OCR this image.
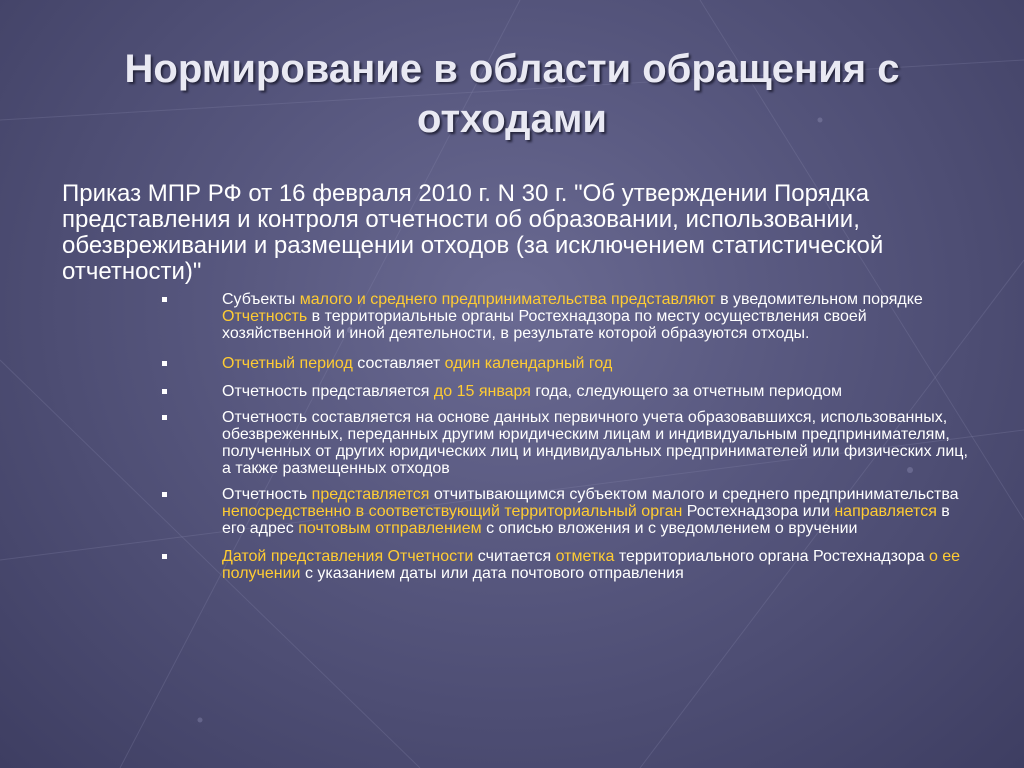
Нормирование в области обращения с отходами

Приказ МПР РФ от 16 февраля 2010 г. N 30 г. "Об утверждении Порядка представления и контроля отчетности об образовании, использовании, обезвреживании и размещении отходов (за исключением статистической отчетности)"

Субъекты малого и среднего предпринимательства представляют в уведомительном порядке Отчетность в территориальные органы Ростехнадзора по месту осуществления своей хозяйственной и иной деятельности, в результате которой образуются отходы.
Отчетный период составляет один календарный год
Отчетность представляется до 15 января года, следующего за отчетным периодом
Отчетность составляется на основе данных первичного учета образовавшихся, использованных, обезвреженных, переданных другим юридическим лицам и индивидуальным предпринимателям, полученных от других юридических лиц и индивидуальных предпринимателей или физических лиц, а также размещенных отходов
Отчетность представляется отчитывающимся субъектом малого и среднего предпринимательства непосредственно в соответствующий территориальный орган Ростехнадзора или направляется в его адрес почтовым отправлением с описью вложения и с уведомлением о вручении
Датой представления Отчетности считается отметка территориального органа Ростехнадзора о ее получении с указанием даты или дата почтового отправления
